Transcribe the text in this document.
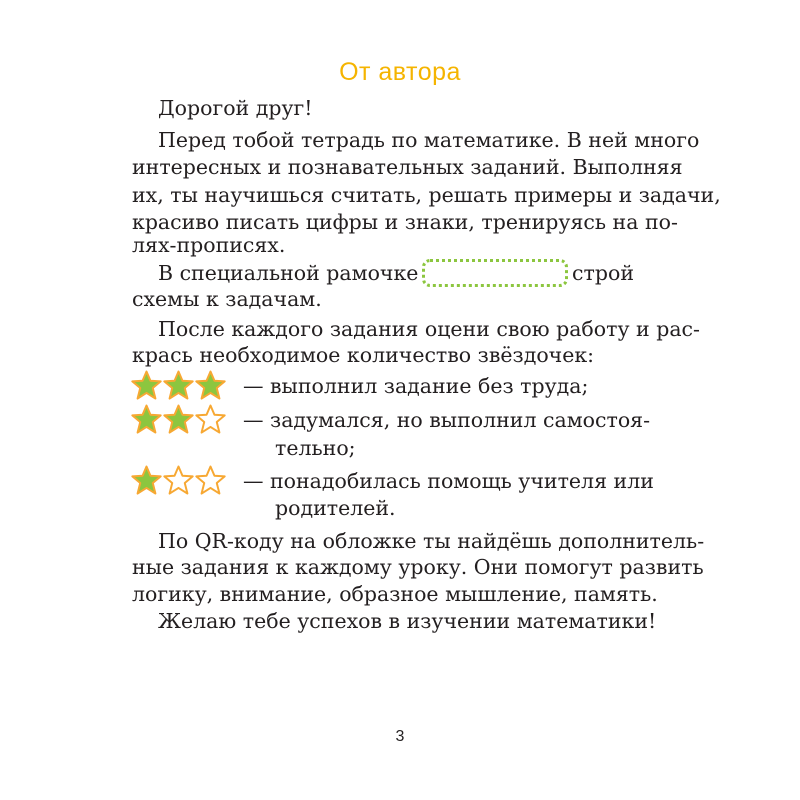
От автора
Дорогой друг!
Перед тобой тетрадь по математике. В ней много
интересных и познавательных заданий. Выполняя
их, ты научишься считать, решать примеры и задачи,
красиво писать цифры и знаки, тренируясь на по-
лях-прописях.
В специальной рамочке	строй
схемы к задачам.
После каждого задания оцени свою работу и рас-
крась необходимое количество звёздочек:
— выполнил задание без труда;
— задумался, но выполнил самостоя-
тельно;
— понадобилась помощь учителя или
родителей.
По QR-коду на обложке ты найдёшь дополнитель-
ные задания к каждому уроку. Они помогут развить
логику, внимание, образное мышление, память.
Желаю тебе успехов в изучении математики!
3
